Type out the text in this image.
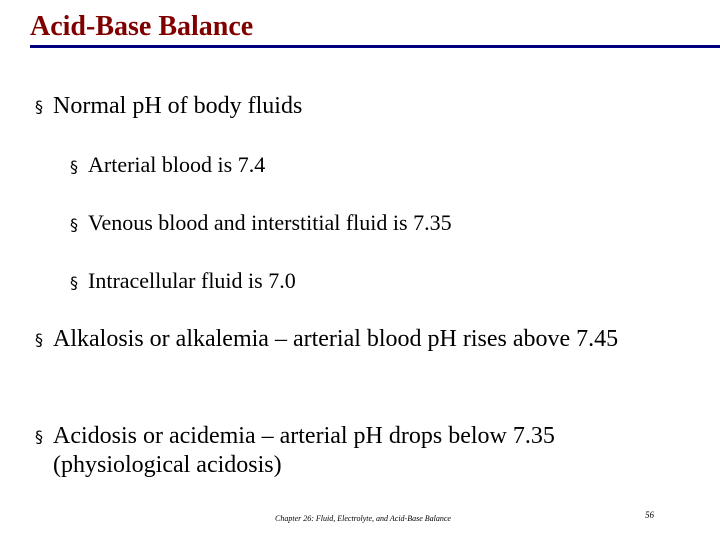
Acid-Base Balance
§ Normal pH of body fluids
§ Arterial blood is 7.4
§ Venous blood and interstitial fluid is 7.35
§ Intracellular fluid is 7.0
§ Alkalosis or alkalemia – arterial blood pH rises above 7.45
§ Acidosis or acidemia – arterial pH drops below 7.35 (physiological acidosis)
Chapter 26: Fluid, Electrolyte, and Acid-Base Balance	56
